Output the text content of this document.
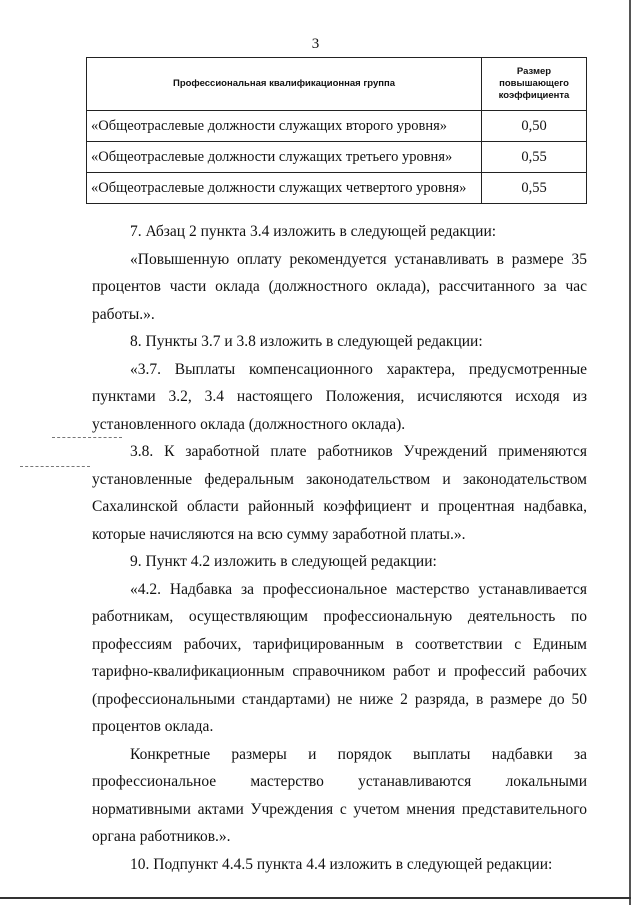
3
Профессиональная квалификационная группа	Размер повышающего коэффициента
«Общеотраслевые должности служащих второго уровня»	0,50
«Общеотраслевые должности служащих третьего уровня»	0,55
«Общеотраслевые должности служащих четвертого уровня»	0,55

7. Абзац 2 пункта 3.4 изложить в следующей редакции:

«Повышенную оплату рекомендуется устанавливать в размере 35 процентов части оклада (должностного оклада), рассчитанного за час работы.».

8. Пункты 3.7 и 3.8 изложить в следующей редакции:

«3.7. Выплаты компенсационного характера, предусмотренные пунктами 3.2, 3.4 настоящего Положения, исчисляются исходя из установленного оклада (должностного оклада).

3.8. К заработной плате работников Учреждений применяются установленные федеральным законодательством и законодательством Сахалинской области районный коэффициент и процентная надбавка, которые начисляются на всю сумму заработной платы.».

9. Пункт 4.2 изложить в следующей редакции:

«4.2. Надбавка за профессиональное мастерство устанавливается работникам, осуществляющим профессиональную деятельность по профессиям рабочих, тарифицированным в соответствии с Единым тарифно-квалификационным справочником работ и профессий рабочих (профессиональными стандартами) не ниже 2 разряда, в размере до 50 процентов оклада.

Конкретные размеры и порядок выплаты надбавки за профессиональное мастерство устанавливаются локальными нормативными актами Учреждения с учетом мнения представительного органа работников.».

10. Подпункт 4.4.5 пункта 4.4 изложить в следующей редакции:
